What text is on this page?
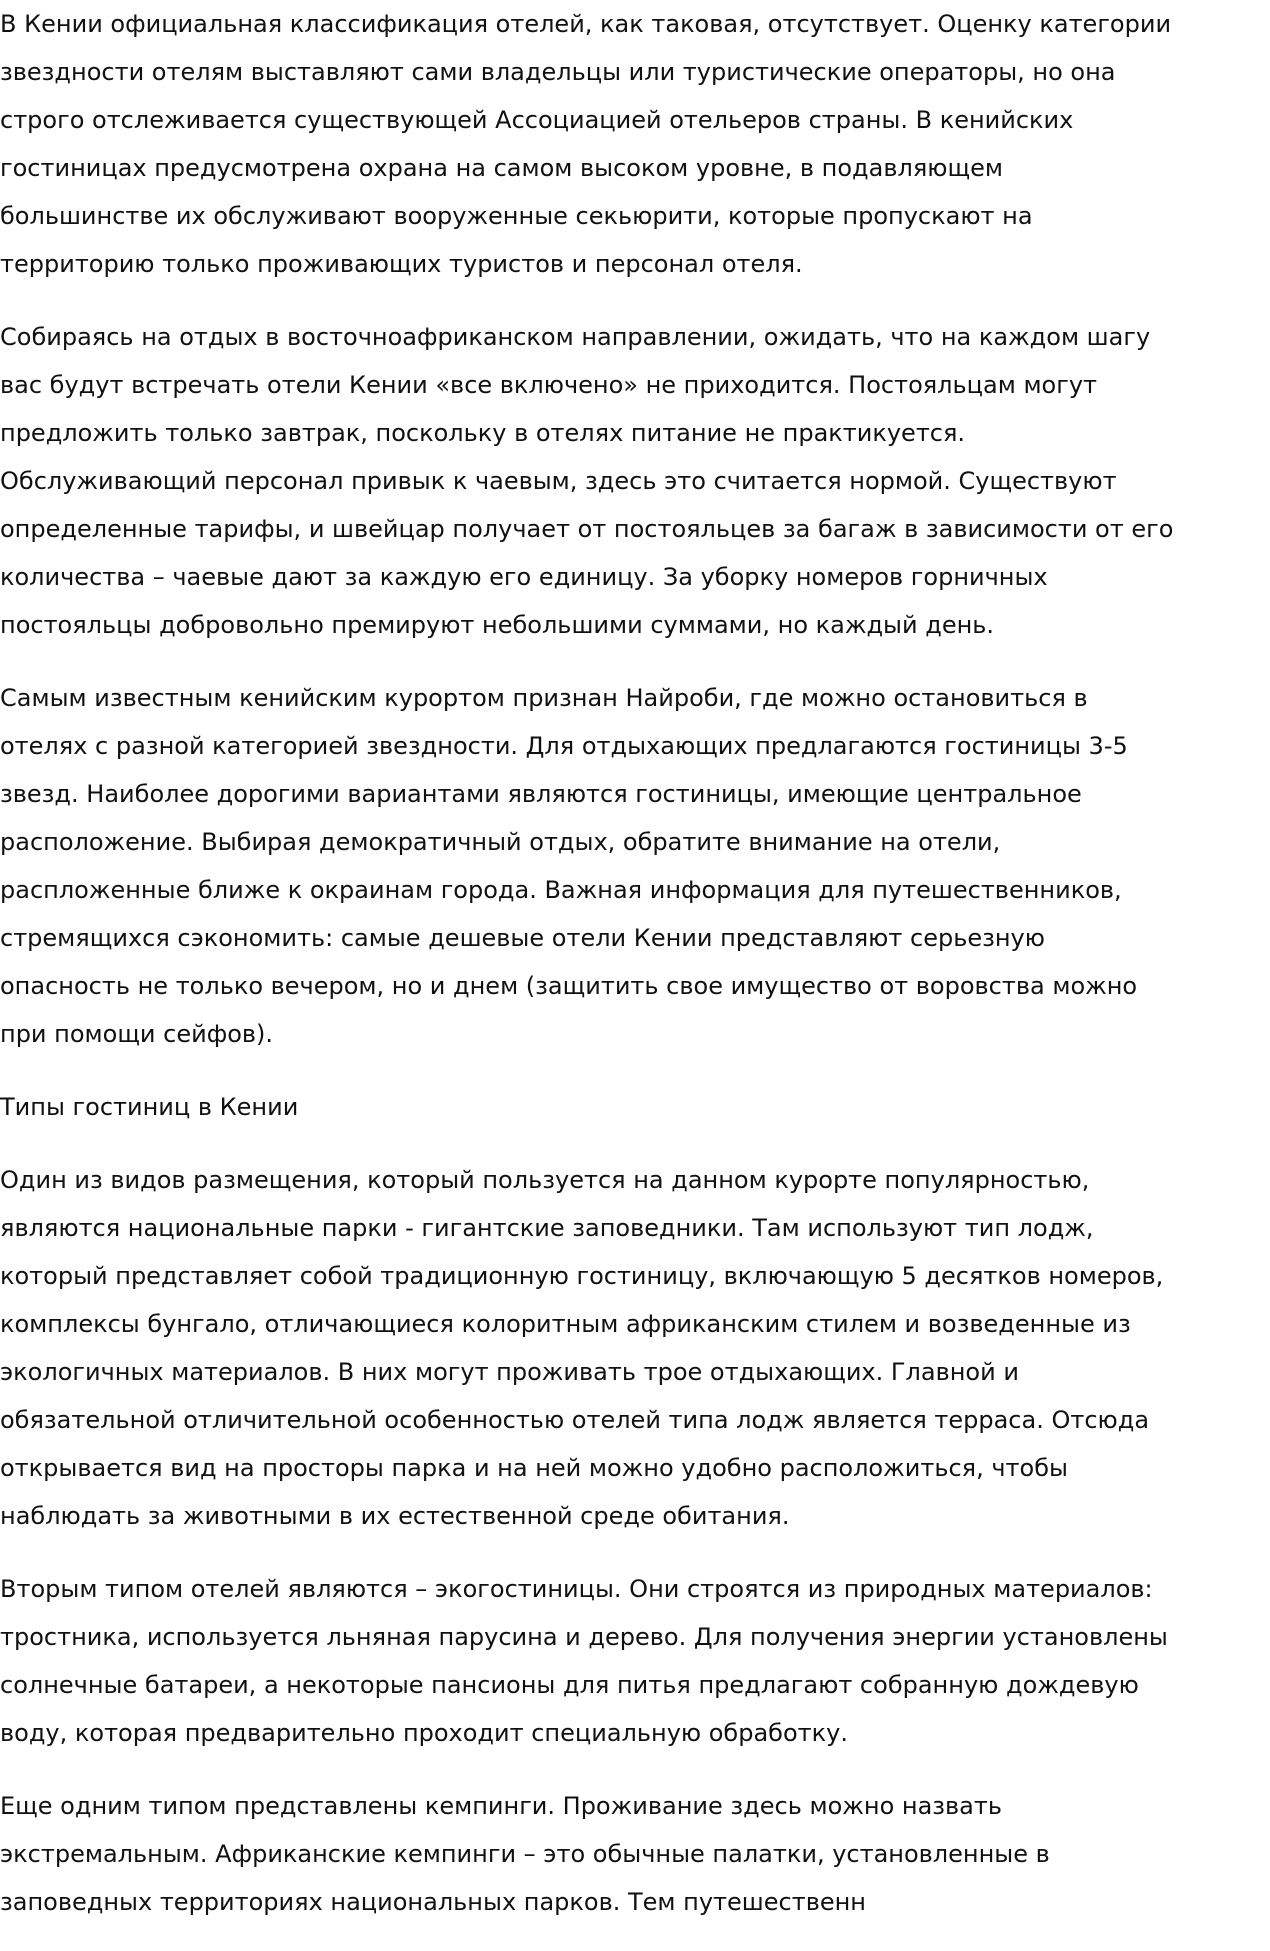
В Кении официальная классификация отелей, как таковая, отсутствует. Оценку категории
звездности отелям выставляют сами владельцы или туристические операторы, но она
строго отслеживается существующей Ассоциацией отельеров страны. В кенийских
гостиницах предусмотрена охрана на самом высоком уровне, в подавляющем
большинстве их обслуживают вооруженные секьюрити, которые пропускают на
территорию только проживающих туристов и персонал отеля.

Собираясь на отдых в восточноафриканском направлении, ожидать, что на каждом шагу
вас будут встречать отели Кении «все включено» не приходится. Постояльцам могут
предложить только завтрак, поскольку в отелях питание не практикуется.
Обслуживающий персонал привык к чаевым, здесь это считается нормой. Существуют
определенные тарифы, и швейцар получает от постояльцев за багаж в зависимости от его
количества – чаевые дают за каждую его единицу. За уборку номеров горничных
постояльцы добровольно премируют небольшими суммами, но каждый день.

Самым известным кенийским курортом признан Найроби, где можно остановиться в
отелях с разной категорией звездности. Для отдыхающих предлагаются гостиницы 3-5
звезд. Наиболее дорогими вариантами являются гостиницы, имеющие центральное
расположение. Выбирая демократичный отдых, обратите внимание на отели,
распложенные ближе к окраинам города. Важная информация для путешественников,
стремящихся сэкономить: самые дешевые отели Кении представляют серьезную
опасность не только вечером, но и днем (защитить свое имущество от воровства можно
при помощи сейфов).

Типы гостиниц в Кении

Один из видов размещения, который пользуется на данном курорте популярностью,
являются национальные парки - гигантские заповедники. Там используют тип лодж,
который представляет собой традиционную гостиницу, включающую 5 десятков номеров,
комплексы бунгало, отличающиеся колоритным африканским стилем и возведенные из
экологичных материалов. В них могут проживать трое отдыхающих. Главной и
обязательной отличительной особенностью отелей типа лодж является терраса. Отсюда
открывается вид на просторы парка и на ней можно удобно расположиться, чтобы
наблюдать за животными в их естественной среде обитания.

Вторым типом отелей являются – экогостиницы. Они строятся из природных материалов:
тростника, используется льняная парусина и дерево. Для получения энергии установлены
солнечные батареи, а некоторые пансионы для питья предлагают собранную дождевую
воду, которая предварительно проходит специальную обработку.

Еще одним типом представлены кемпинги. Проживание здесь можно назвать
экстремальным. Африканские кемпинги – это обычные палатки, установленные в
заповедных территориях национальных парков. Тем путешественн
